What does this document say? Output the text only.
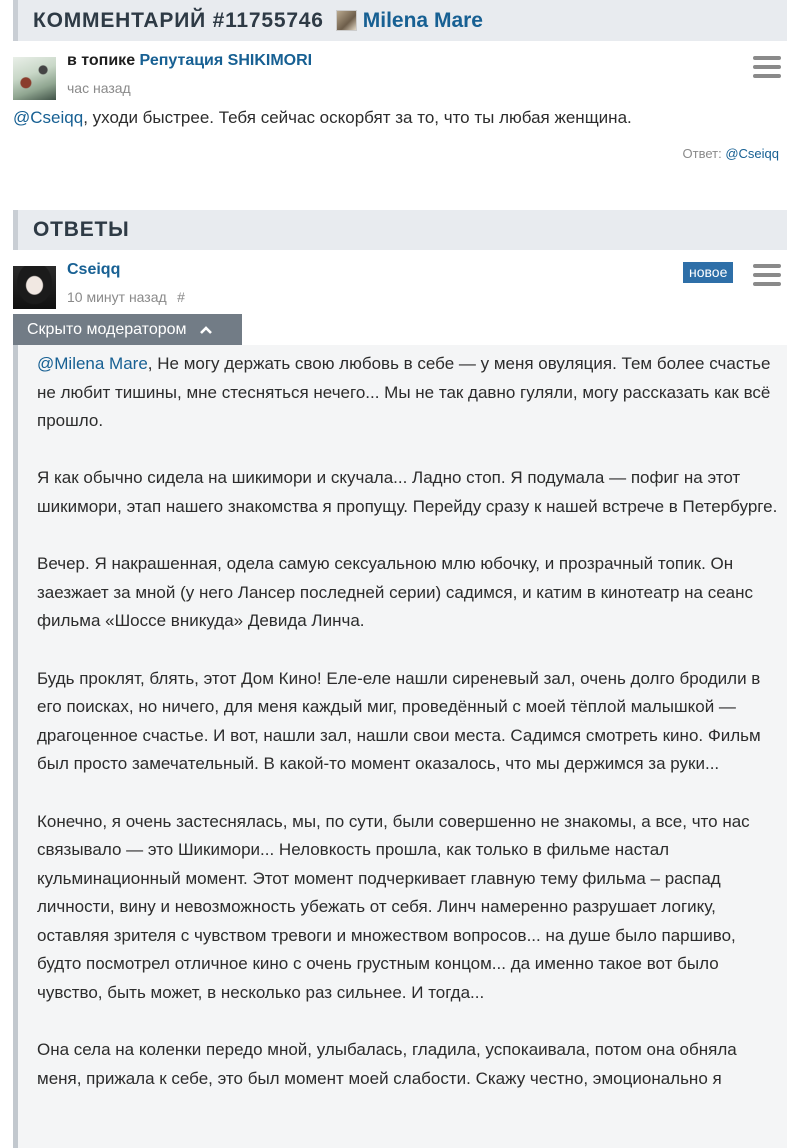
КОММЕНТАРИЙ #11755746 Milena Mare
в топике Репутация SHIKIMORI
час назад
@Cseiqq, уходи быстрее. Тебя сейчас оскорбят за то, что ты любая женщина.
Ответ: @Cseiqq
ОТВЕТЫ
Cseiqq
10 минут назад #
новое
Скрыто модератором

@Milena Mare, Не могу держать свою любовь в себе — у меня овуляция. Тем более счастье не любит тишины, мне стесняться нечего... Мы не так давно гуляли, могу рассказать как всё прошло.

Я как обычно сидела на шикимори и скучала... Ладно стоп. Я подумала — пофиг на этот шикимори, этап нашего знакомства я пропущу. Перейду сразу к нашей встрече в Петербурге.

Вечер. Я накрашенная, одела самую сексуальною млю юбочку, и прозрачный топик. Он заезжает за мной (у него Лансер последней серии) садимся, и катим в кинотеатр на сеанс фильма «Шоссе вникуда» Девида Линча.

Будь проклят, блять, этот Дом Кино! Еле-еле нашли сиреневый зал, очень долго бродили в его поисках, но ничего, для меня каждый миг, проведённый с моей тёплой малышкой — драгоценное счастье. И вот, нашли зал, нашли свои места. Садимся смотреть кино. Фильм был просто замечательный. В какой-то момент оказалось, что мы держимся за руки...

Конечно, я очень застеснялась, мы, по сути, были совершенно не знакомы, а все, что нас связывало — это Шикимори... Неловкость прошла, как только в фильме настал кульминационный момент. Этот момент подчеркивает главную тему фильма – распад личности, вину и невозможность убежать от себя. Линч намеренно разрушает логику, оставляя зрителя с чувством тревоги и множеством вопросов... на душе было паршиво, будто посмотрел отличное кино с очень грустным концом... да именно такое вот было чувство, быть может, в несколько раз сильнее. И тогда...

Она села на коленки передо мной, улыбалась, гладила, успокаивала, потом она обняла меня, прижала к себе, это был момент моей слабости. Скажу честно, эмоционально я
